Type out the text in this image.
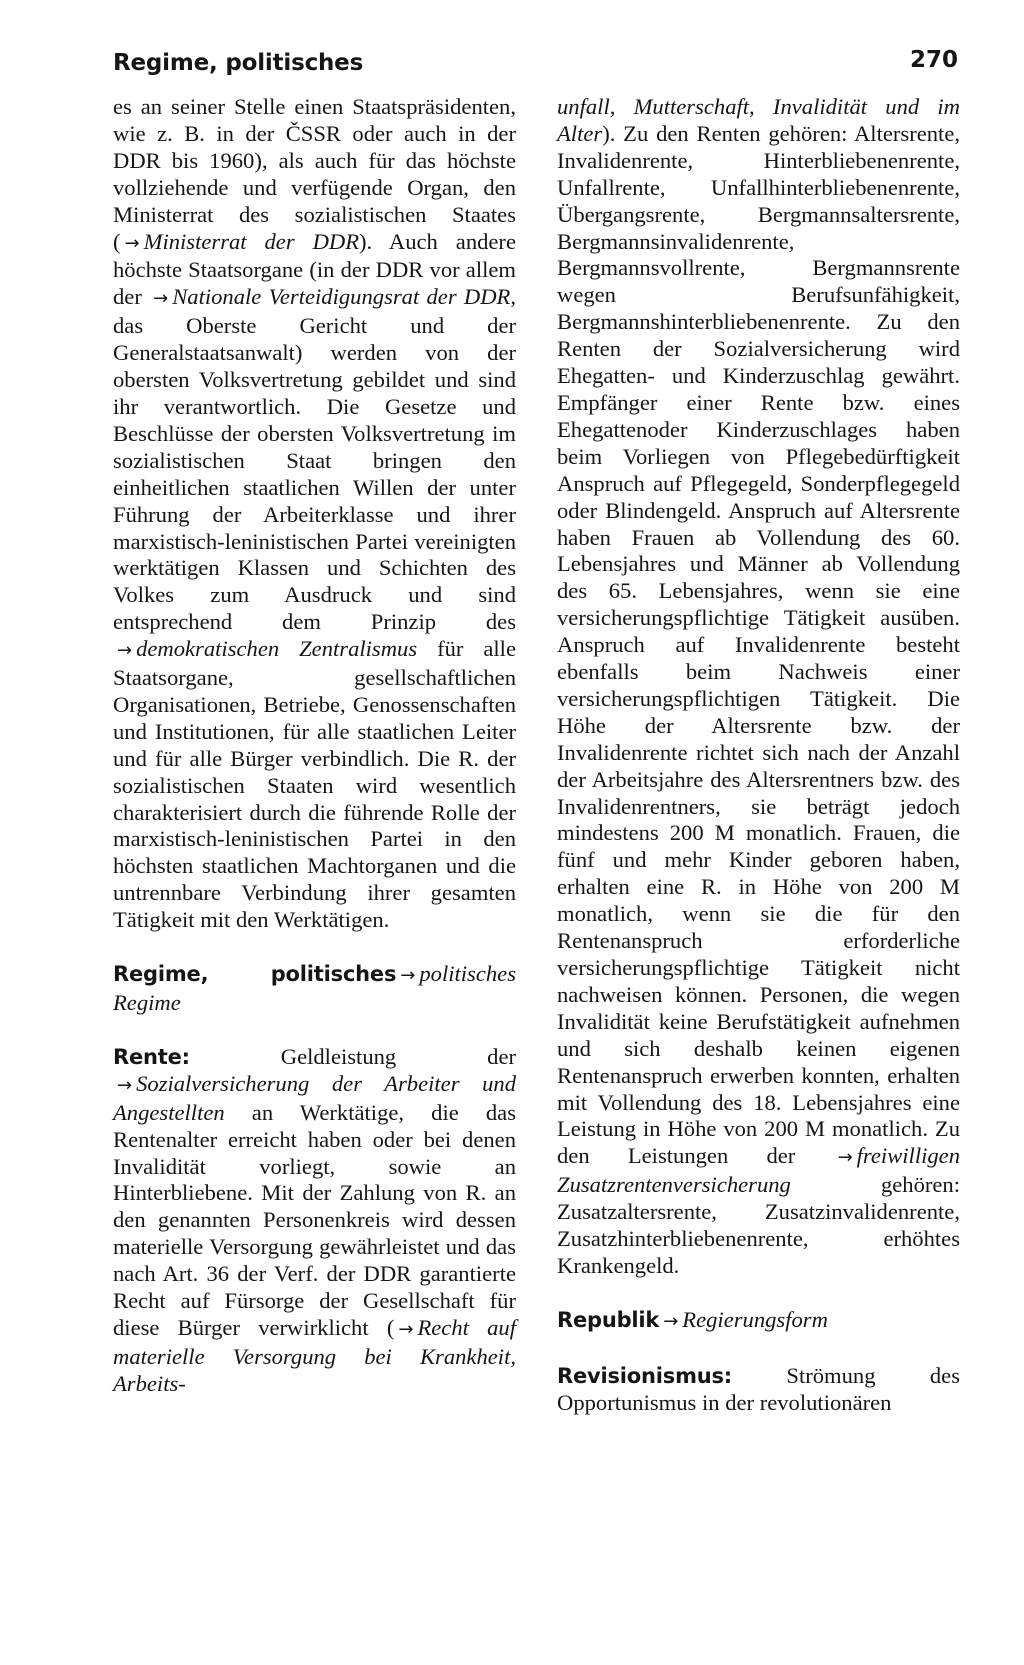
Regime, politisches	270

es an seiner Stelle einen Staatspräsidenten, wie z. B. in der ČSSR oder auch in der DDR bis 1960), als auch für das höchste vollziehende und verfügende Organ, den Ministerrat des sozialistischen Staates ( → Ministerrat der DDR). Auch andere höchste Staatsorgane (in der DDR vor allem der → Nationale Verteidigungsrat der DDR, das Oberste Gericht und der Generalstaatsanwalt) werden von der obersten Volksvertretung gebildet und sind ihr verantwortlich. Die Gesetze und Beschlüsse der obersten Volksvertretung im sozialistischen Staat bringen den einheitlichen staatlichen Willen der unter Führung der Arbeiterklasse und ihrer marxistisch-leninistischen Partei vereinigten werktätigen Klassen und Schichten des Volkes zum Ausdruck und sind entsprechend dem Prinzip des → demokratischen Zentralismus für alle Staatsorgane, gesellschaftlichen Organisationen, Betriebe, Genossenschaften und Institutionen, für alle staatlichen Leiter und für alle Bürger verbindlich. Die R. der sozialistischen Staaten wird wesentlich charakterisiert durch die führende Rolle der marxistisch-leninistischen Partei in den höchsten staatlichen Machtorganen und die untrennbare Verbindung ihrer gesamten Tätigkeit mit den Werktätigen.

Regime, politisches → politisches Regime

Rente: Geldleistung der → Sozialversicherung der Arbeiter und Angestellten an Werktätige, die das Rentenalter erreicht haben oder bei denen Invalidität vorliegt, sowie an Hinterbliebene. Mit der Zahlung von R. an den genannten Personenkreis wird dessen materielle Versorgung gewährleistet und das nach Art. 36 der Verf. der DDR garantierte Recht auf Fürsorge der Gesellschaft für diese Bürger verwirklicht ( → Recht auf materielle Versorgung bei Krankheit, Arbeits-

unfall, Mutterschaft, Invalidität und im Alter). Zu den Renten gehören: Altersrente, Invalidenrente, Hinterbliebenenrente, Unfallrente, Unfallhinterbliebenenrente, Übergangsrente, Bergmannsaltersrente, Bergmannsinvalidenrente, Bergmannsvollrente, Bergmannsrente wegen Berufsunfähigkeit, Bergmannshinterbliebenenrente. Zu den Renten der Sozialversicherung wird Ehegatten- und Kinderzuschlag gewährt. Empfänger einer Rente bzw. eines Ehegattenoder Kinderzuschlages haben beim Vorliegen von Pflegebedürftigkeit Anspruch auf Pflegegeld, Sonderpflegegeld oder Blindengeld. Anspruch auf Altersrente haben Frauen ab Vollendung des 60. Lebensjahres und Männer ab Vollendung des 65. Lebensjahres, wenn sie eine versicherungspflichtige Tätigkeit ausüben. Anspruch auf Invalidenrente besteht ebenfalls beim Nachweis einer versicherungspflichtigen Tätigkeit. Die Höhe der Altersrente bzw. der Invalidenrente richtet sich nach der Anzahl der Arbeitsjahre des Altersrentners bzw. des Invalidenrentners, sie beträgt jedoch mindestens 200 M monatlich. Frauen, die fünf und mehr Kinder geboren haben, erhalten eine R. in Höhe von 200 M monatlich, wenn sie die für den Rentenanspruch erforderliche versicherungspflichtige Tätigkeit nicht nachweisen können. Personen, die wegen Invalidität keine Berufstätigkeit aufnehmen und sich deshalb keinen eigenen Rentenanspruch erwerben konnten, erhalten mit Vollendung des 18. Lebensjahres eine Leistung in Höhe von 200 M monatlich. Zu den Leistungen der → freiwilligen Zusatzrentenversicherung gehören: Zusatzaltersrente, Zusatzinvalidenrente, Zusatzhinterbliebenenrente, erhöhtes Krankengeld.

Republik → Regierungsform

Revisionismus: Strömung des Opportunismus in der revolutionären
